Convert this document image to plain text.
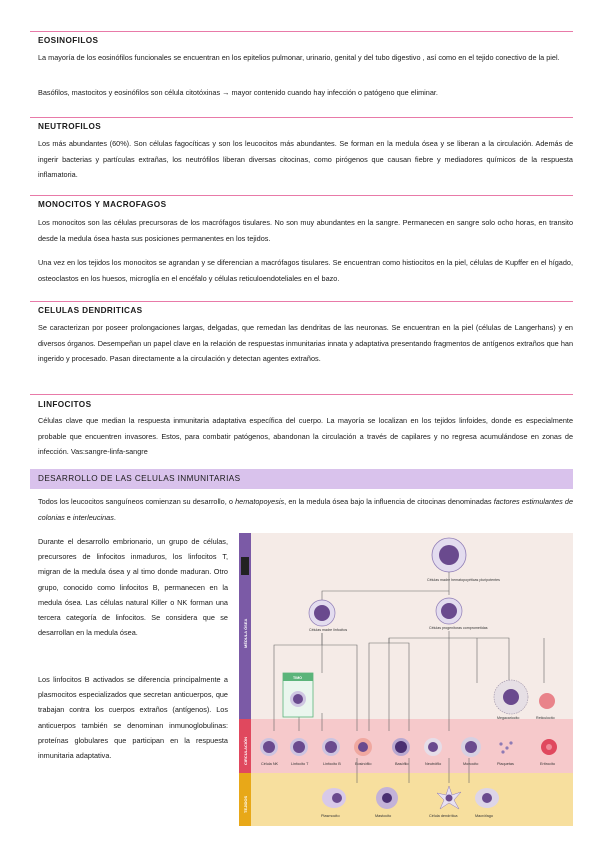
EOSINOFILOS

La mayoría de los eosinófilos funcionales se encuentran en los epitelios pulmonar, urinario, genital y del tubo digestivo , así como en el tejido conectivo de la piel.

Basófilos, mastocitos y eosinófilos son célula citotóxinas → mayor contenido cuando hay infección o patógeno que eliminar.

NEUTROFILOS

Los más abundantes (60%). Son células fagocíticas y son los leucocitos más abundantes. Se forman en la medula ósea y se liberan a la circulación. Además de ingerir bacterias y partículas extrañas, los neutrófilos liberan diversas citocinas, como pirógenos que causan fiebre y mediadores químicos de la respuesta inflamatoria.

MONOCITOS Y MACROFAGOS

Los monocitos son las células precursoras de los macrófagos tisulares. No son muy abundantes en la sangre. Permanecen en sangre solo ocho horas, en transito desde la medula ósea hasta sus posiciones permanentes en los tejidos.

Una vez en los tejidos los monocitos se agrandan y se diferencian a macrófagos tisulares. Se encuentran como histiocitos en la piel, células de Kupffer en el hígado, osteoclastos en los huesos, microglía en el encéfalo y células reticuloendoteliales en el bazo.

CELULAS DENDRITICAS

Se caracterizan por poseer prolongaciones largas, delgadas, que remedan las dendritas de las neuronas. Se encuentran en la piel (células de Langerhans) y en diversos órganos. Desempeñan un papel clave en la relación de respuestas inmunitarias innata y adaptativa presentando fragmentos de antígenos extraños que han ingerido y procesado. Pasan directamente a la circulación y detectan agentes extraños.

LINFOCITOS

Células clave que median la respuesta inmunitaria adaptativa específica del cuerpo. La mayoría se localizan en los tejidos linfoides, donde es especialmente probable que encuentren invasores. Estos, para combatir patógenos, abandonan la circulación a través de capilares y no regresa acumulándose en zonas de infección. Vas:sangre-linfa-sangre

DESARROLLO DE LAS CELULAS INMUNITARIAS

Todos los leucocitos sanguíneos comienzan su desarrollo, o hematopoyesis, en la medula ósea bajo la influencia de citocinas denominadas factores estimulantes de colonias e interleucinas.

Durante el desarrollo embrionario, un grupo de células, precursores de linfocitos inmaduros, los linfocitos T, migran de la medula ósea y al timo donde maduran. Otro grupo, conocido como linfocitos B, permanecen en la medula ósea. Las células natural Killer o NK forman una tercera categoría de linfocitos. Se considera que se desarrollan en la medula ósea.

Los linfocitos B activados se diferencia principalmente a plasmocitos especializados que secretan anticuerpos, que trabajan contra los cuerpos extraños (antígenos). Los anticuerpos también se denominan inmunoglobulinas: proteínas globulares que participan en la respuesta inmunitaria adaptativa.

MÉDULA ÓSEA
CIRCULACIÓN
TEJIDOS
Células madre hematopoyéticas pluripotentes
Células madre linfocitos	Células progenitoras comprometidas
TIMO
Megacariocito	Reticulocito
Célula NK	Linfocito T	Linfocito B	Eosinófilo	Basófilo	Neutrófilo	Monocito	Plaquetas	Eritrocito
Plasmocito	Mastocito	Célula dendrítica	Macrófago
